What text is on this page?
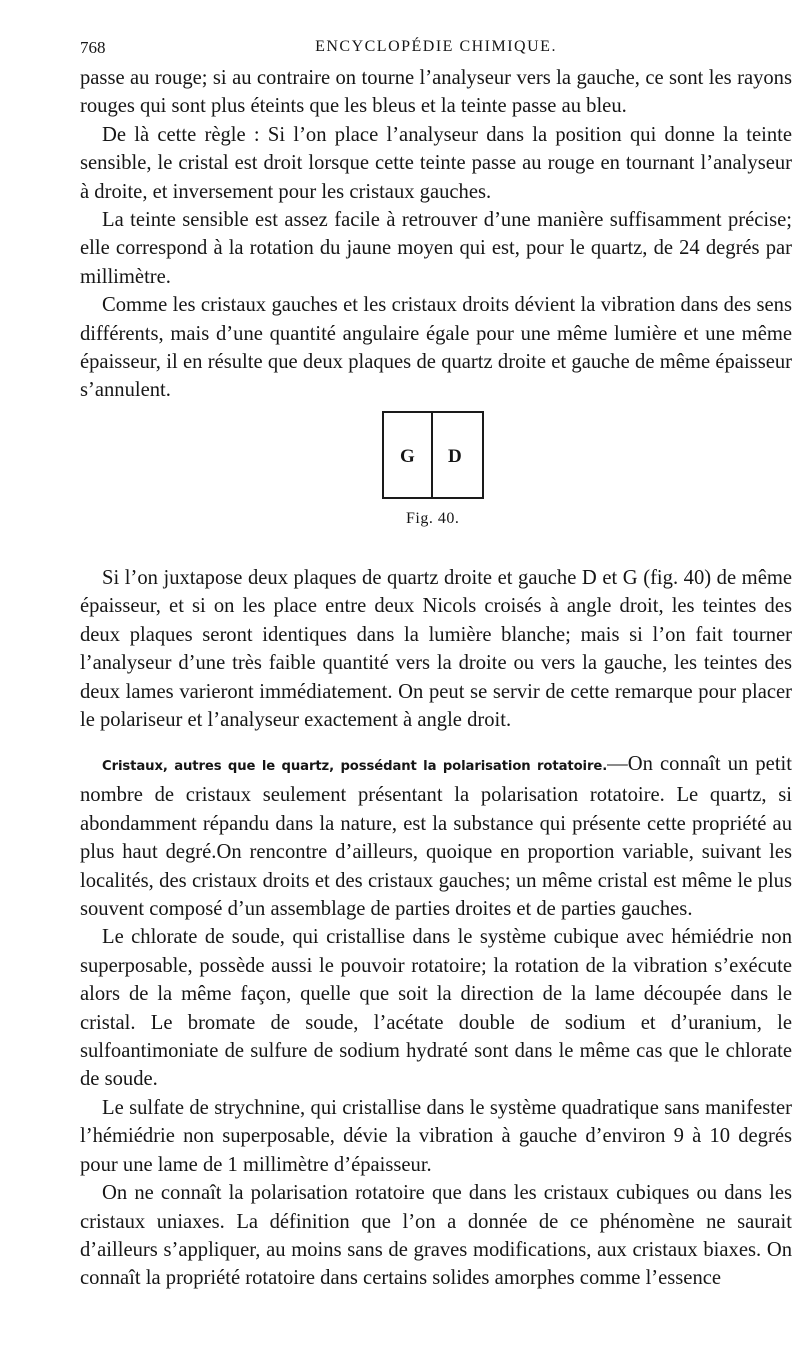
768	ENCYCLOPÉDIE CHIMIQUE.

passe au rouge; si au contraire on tourne l’analyseur vers la gauche, ce sont les rayons rouges qui sont plus éteints que les bleus et la teinte passe au bleu.

De là cette règle : Si l’on place l’analyseur dans la position qui donne la teinte sensible, le cristal est droit lorsque cette teinte passe au rouge en tournant l’analyseur à droite, et inversement pour les cristaux gauches.

La teinte sensible est assez facile à retrouver d’une manière suffisamment précise; elle correspond à la rotation du jaune moyen qui est, pour le quartz, de 24 degrés par millimètre.

Comme les cristaux gauches et les cristaux droits dévient la vibration dans des sens différents, mais d’une quantité angulaire égale pour une même lumière et une même épaisseur, il en résulte que deux plaques de quartz droite et gauche de même épaisseur s’annulent.

G D
Fig. 40.

Si l’on juxtapose deux plaques de quartz droite et gauche D et G (fig. 40) de même épaisseur, et si on les place entre deux Nicols croisés à angle droit, les teintes des deux plaques seront identiques dans la lumière blanche; mais si l’on fait tourner l’analyseur d’une très faible quantité vers la droite ou vers la gauche, les teintes des deux lames varieront immédiatement. On peut se servir de cette remarque pour placer le polariseur et l’analyseur exactement à angle droit.

Cristaux, autres que le quartz, possédant la polarisation rotatoire.—On connaît un petit nombre de cristaux seulement présentant la polarisation rotatoire. Le quartz, si abondamment répandu dans la nature, est la substance qui présente cette propriété au plus haut degré.On rencontre d’ailleurs, quoique en proportion variable, suivant les localités, des cristaux droits et des cristaux gauches; un même cristal est même le plus souvent composé d’un assemblage de parties droites et de parties gauches.

Le chlorate de soude, qui cristallise dans le système cubique avec hémiédrie non superposable, possède aussi le pouvoir rotatoire; la rotation de la vibration s’exécute alors de la même façon, quelle que soit la direction de la lame découpée dans le cristal. Le bromate de soude, l’acétate double de sodium et d’uranium, le sulfoantimoniate de sulfure de sodium hydraté sont dans le même cas que le chlorate de soude.

Le sulfate de strychnine, qui cristallise dans le système quadratique sans manifester l’hémiédrie non superposable, dévie la vibration à gauche d’environ 9 à 10 degrés pour une lame de 1 millimètre d’épaisseur.

On ne connaît la polarisation rotatoire que dans les cristaux cubiques ou dans les cristaux uniaxes. La définition que l’on a donnée de ce phénomène ne saurait d’ailleurs s’appliquer, au moins sans de graves modifications, aux cristaux biaxes. On connaît la propriété rotatoire dans certains solides amorphes comme l’essence
